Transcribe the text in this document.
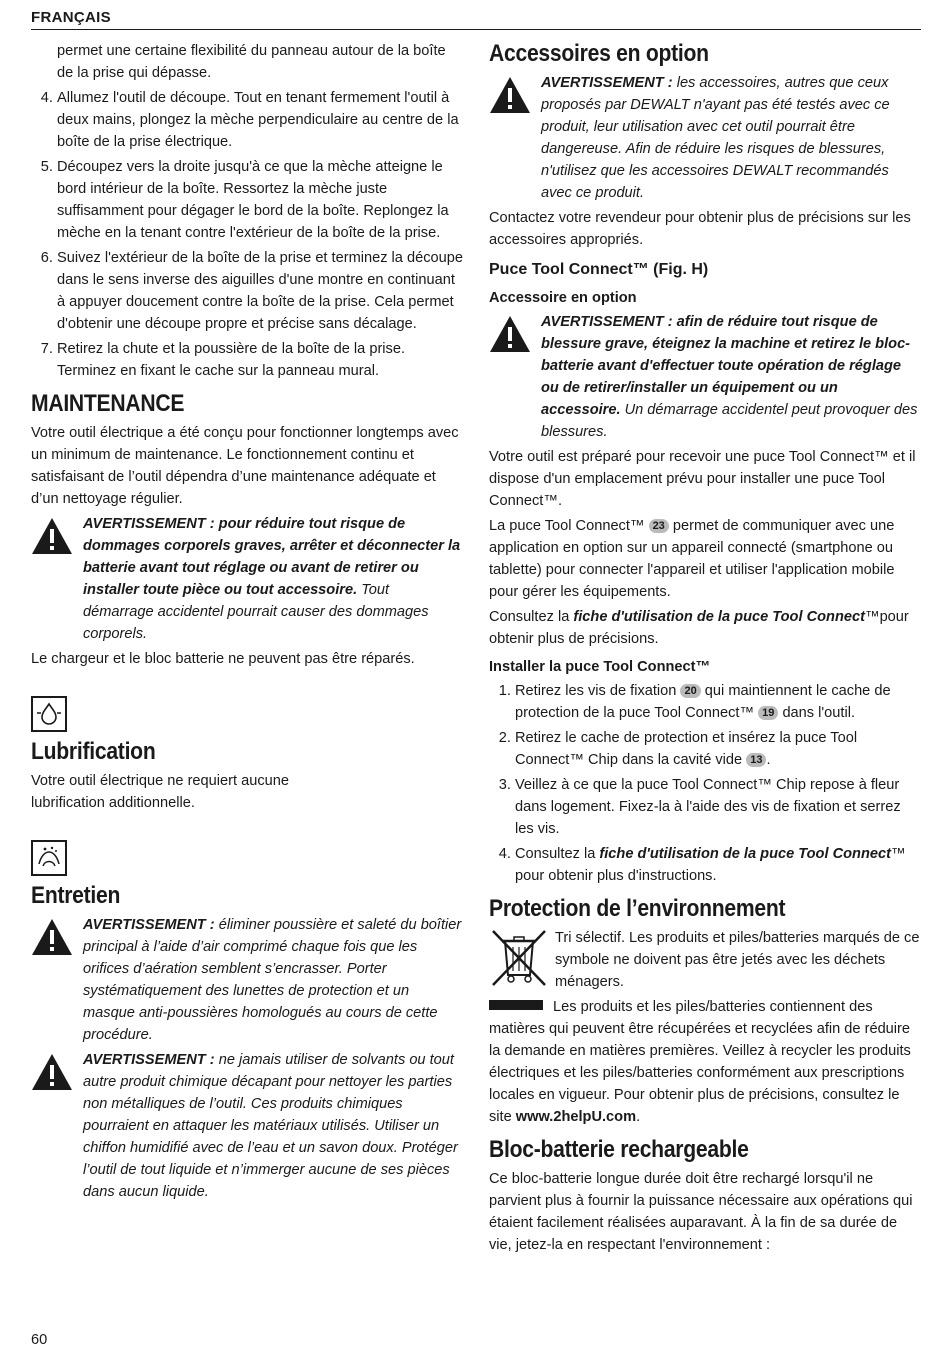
FRANÇAIS

permet une certaine flexibilité du panneau autour de la boîte de la prise qui dépasse.

4. Allumez l'outil de découpe. Tout en tenant fermement l'outil à deux mains, plongez la mèche perpendiculaire au centre de la boîte de la prise électrique.
5. Découpez vers la droite jusqu'à ce que la mèche atteigne le bord intérieur de la boîte. Ressortez la mèche juste suffisamment pour dégager le bord de la boîte. Replongez la mèche en la tenant contre l'extérieur de la boîte de la prise.
6. Suivez l'extérieur de la boîte de la prise et terminez la découpe dans le sens inverse des aiguilles d'une montre en continuant à appuyer doucement contre la boîte de la prise. Cela permet d'obtenir une découpe propre et précise sans décalage.
7. Retirez la chute et la poussière de la boîte de la prise. Terminez en fixant le cache sur la panneau mural.
MAINTENANCE

Votre outil électrique a été conçu pour fonctionner longtemps avec un minimum de maintenance. Le fonctionnement continu et satisfaisant de l’outil dépendra d’une maintenance adéquate et d’un nettoyage régulier.

AVERTISSEMENT : pour réduire tout risque de dommages corporels graves, arrêter et déconnecter la batterie avant tout réglage ou avant de retirer ou installer toute pièce ou tout accessoire. Tout démarrage accidentel pourrait causer des dommages corporels.

Le chargeur et le bloc batterie ne peuvent pas être réparés.

Lubrification

Votre outil électrique ne requiert aucune lubrification additionnelle.

Entretien
AVERTISSEMENT : éliminer poussière et saleté du boîtier principal à l’aide d’air comprimé chaque fois que les orifices d’aération semblent s’encrasser. Porter systématiquement des lunettes de protection et un masque anti-poussières homologués au cours de cette procédure.
AVERTISSEMENT : ne jamais utiliser de solvants ou tout autre produit chimique décapant pour nettoyer les parties non métalliques de l’outil. Ces produits chimiques pourraient en attaquer les matériaux utilisés. Utiliser un chiffon humidifié avec de l’eau et un savon doux. Protéger l’outil de tout liquide et n’immerger aucune de ses pièces dans aucun liquide.
Accessoires en option
AVERTISSEMENT : les accessoires, autres que ceux proposés par DEWALT n'ayant pas été testés avec ce produit, leur utilisation avec cet outil pourrait être dangereuse. Afin de réduire les risques de blessures, n'utilisez que les accessoires DEWALT recommandés avec ce produit.

Contactez votre revendeur pour obtenir plus de précisions sur les accessoires appropriés.

Puce Tool Connect™ (Fig. H)
Accessoire en option
AVERTISSEMENT : afin de réduire tout risque de blessure grave, éteignez la machine et retirez le bloc-batterie avant d'effectuer toute opération de réglage ou de retirer/installer un équipement ou un accessoire. Un démarrage accidentel peut provoquer des blessures.

Votre outil est préparé pour recevoir une puce Tool Connect™ et il dispose d'un emplacement prévu pour installer une puce Tool Connect™.

La puce Tool Connect™ 23 permet de communiquer avec une application en option sur un appareil connecté (smartphone ou tablette) pour connecter l'appareil et utiliser l'application mobile pour gérer les équipements.

Consultez la fiche d'utilisation de la puce Tool Connect™pour obtenir plus de précisions.

Installer la puce Tool Connect™
1. Retirez les vis de fixation 20 qui maintiennent le cache de protection de la puce Tool Connect™ 19 dans l'outil.
2. Retirez le cache de protection et insérez la puce Tool Connect™ Chip dans la cavité vide 13 .
3. Veillez à ce que la puce Tool Connect™ Chip repose à fleur dans logement. Fixez-la à l'aide des vis de fixation et serrez les vis.
4. Consultez la fiche d'utilisation de la puce Tool Connect™ pour obtenir plus d'instructions.
Protection de l’environnement

Tri sélectif. Les produits et piles/batteries marqués de ce symbole ne doivent pas être jetés avec les déchets ménagers.

Les produits et les piles/batteries contiennent des matières qui peuvent être récupérées et recyclées afin de réduire la demande en matières premières. Veillez à recycler les produits électriques et les piles/batteries conformément aux prescriptions locales en vigueur. Pour obtenir plus de précisions, consultez le site www.2helpU.com.

Bloc-batterie rechargeable

Ce bloc-batterie longue durée doit être rechargé lorsqu'il ne parvient plus à fournir la puissance nécessaire aux opérations qui étaient facilement réalisées auparavant. À la fin de sa durée de vie, jetez-la en respectant l'environnement :

60
